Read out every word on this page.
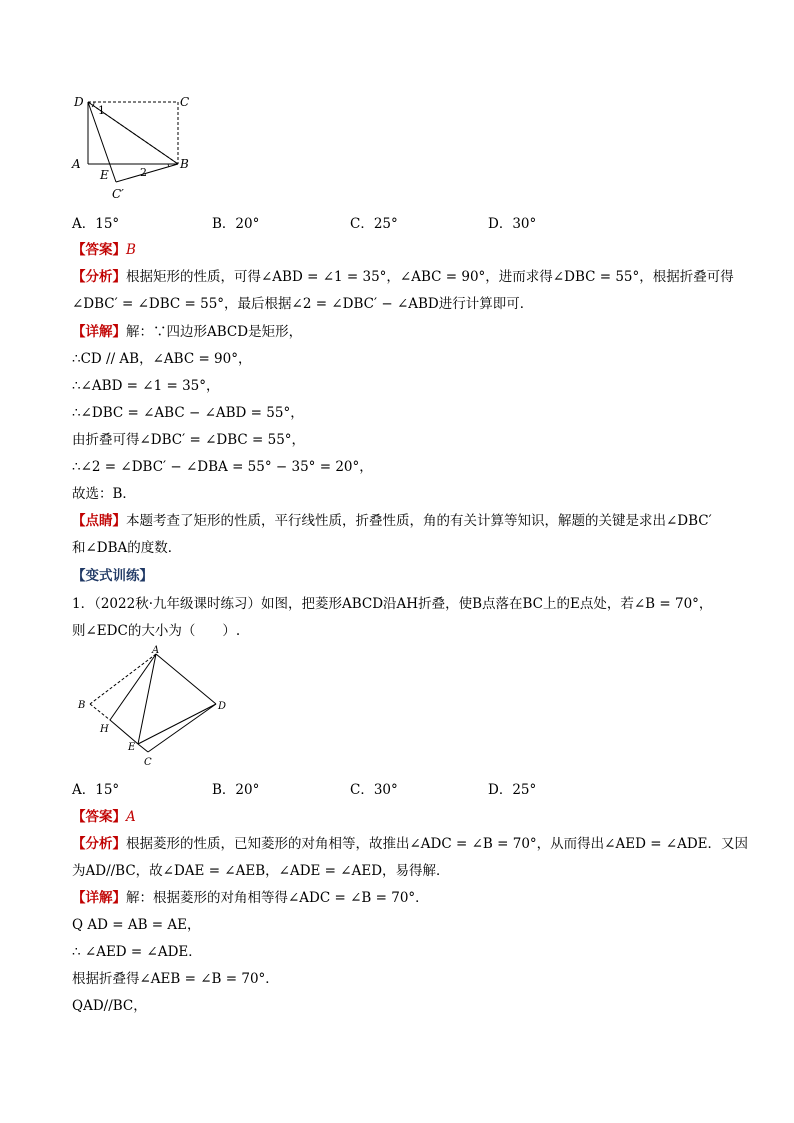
D	C
A	B
E
C′
1
2
A．15°	B．20°	C．25°	D．30°
【答案】B
【分析】根据矩形的性质，可得∠ABD = ∠1 = 35°，∠ABC = 90°，进而求得∠DBC = 55°，根据折叠可得
∠DBC′ = ∠DBC = 55°，最后根据∠2 = ∠DBC′ − ∠ABD进行计算即可．
【详解】解：∵四边形ABCD是矩形，
∴CD // AB，∠ABC = 90°，
∴∠ABD = ∠1 = 35°，
∴∠DBC = ∠ABC − ∠ABD = 55°，
由折叠可得∠DBC′ = ∠DBC = 55°，
∴∠2 = ∠DBC′ − ∠DBA = 55° − 35° = 20°，
故选：B．
【点睛】本题考查了矩形的性质，平行线性质，折叠性质，角的有关计算等知识，解题的关键是求出∠DBC′
和∠DBA的度数．
【变式训练】
1．（2022秋·九年级课时练习）如图，把菱形ABCD沿AH折叠，使B点落在BC上的E点处，若∠B = 70°，
则∠EDC的大小为（　　）.
A
B	D
H
E
C
A．15°	B．20°	C．30°	D．25°
【答案】A
【分析】根据菱形的性质，已知菱形的对角相等，故推出∠ADC = ∠B = 70°，从而得出∠AED = ∠ADE．又因
为AD//BC，故∠DAE = ∠AEB，∠ADE = ∠AED，易得解．
【详解】解：根据菱形的对角相等得∠ADC = ∠B = 70°．
Q AD = AB = AE，
∴ ∠AED = ∠ADE．
根据折叠得∠AEB = ∠B = 70°．
QAD//BC，
